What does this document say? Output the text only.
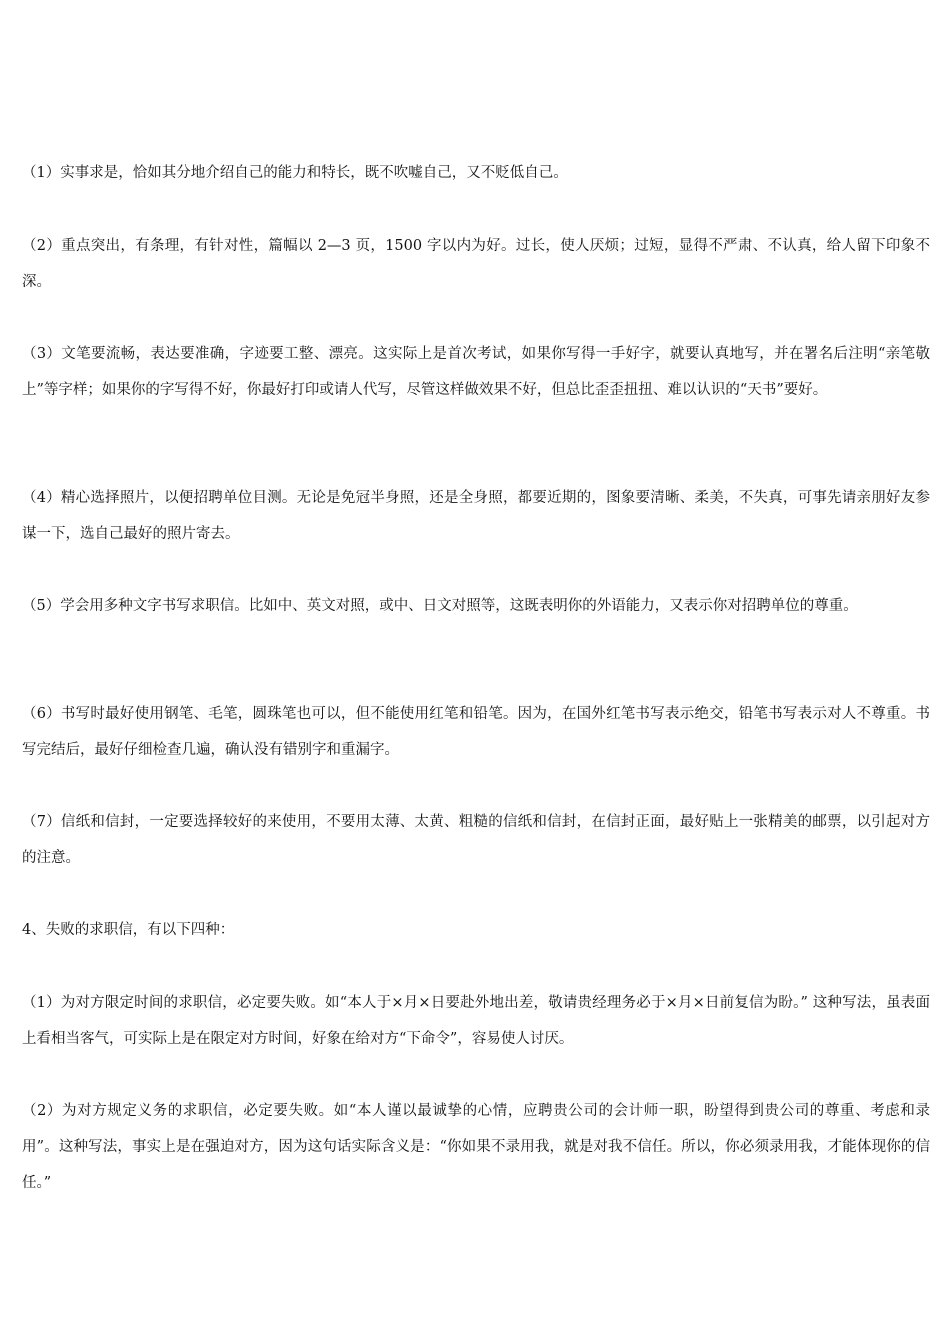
（1）实事求是，恰如其分地介绍自己的能力和特长，既不吹嘘自己，又不贬低自己。

（2）重点突出，有条理，有针对性，篇幅以 2—3 页，1500 字以内为好。过长，使人厌烦；过短，显得不严肃、不认真，给人留下印象不深。

（3）文笔要流畅，表达要准确，字迹要工整、漂亮。这实际上是首次考试，如果你写得一手好字，就要认真地写，并在署名后注明“亲笔敬上”等字样；如果你的字写得不好，你最好打印或请人代写，尽管这样做效果不好，但总比歪歪扭扭、难以认识的“天书”要好。

（4）精心选择照片，以便招聘单位目测。无论是免冠半身照，还是全身照，都要近期的，图象要清晰、柔美，不失真，可事先请亲朋好友参谋一下，选自己最好的照片寄去。

（5）学会用多种文字书写求职信。比如中、英文对照，或中、日文对照等，这既表明你的外语能力，又表示你对招聘单位的尊重。

（6）书写时最好使用钢笔、毛笔，圆珠笔也可以，但不能使用红笔和铅笔。因为，在国外红笔书写表示绝交，铅笔书写表示对人不尊重。书写完结后，最好仔细检查几遍，确认没有错别字和重漏字。

（7）信纸和信封，一定要选择较好的来使用，不要用太薄、太黄、粗糙的信纸和信封，在信封正面，最好贴上一张精美的邮票，以引起对方的注意。

4、失败的求职信，有以下四种：

（1）为对方限定时间的求职信，必定要失败。如“本人于×月×日要赴外地出差，敬请贵经理务必于×月×日前复信为盼。” 这种写法，虽表面上看相当客气，可实际上是在限定对方时间，好象在给对方“下命令”，容易使人讨厌。

（2）为对方规定义务的求职信，必定要失败。如“本人谨以最诚挚的心情，应聘贵公司的会计师一职，盼望得到贵公司的尊重、考虑和录用”。这种写法，事实上是在强迫对方，因为这句话实际含义是：“你如果不录用我，就是对我不信任。所以，你必须录用我，才能体现你的信任。”
